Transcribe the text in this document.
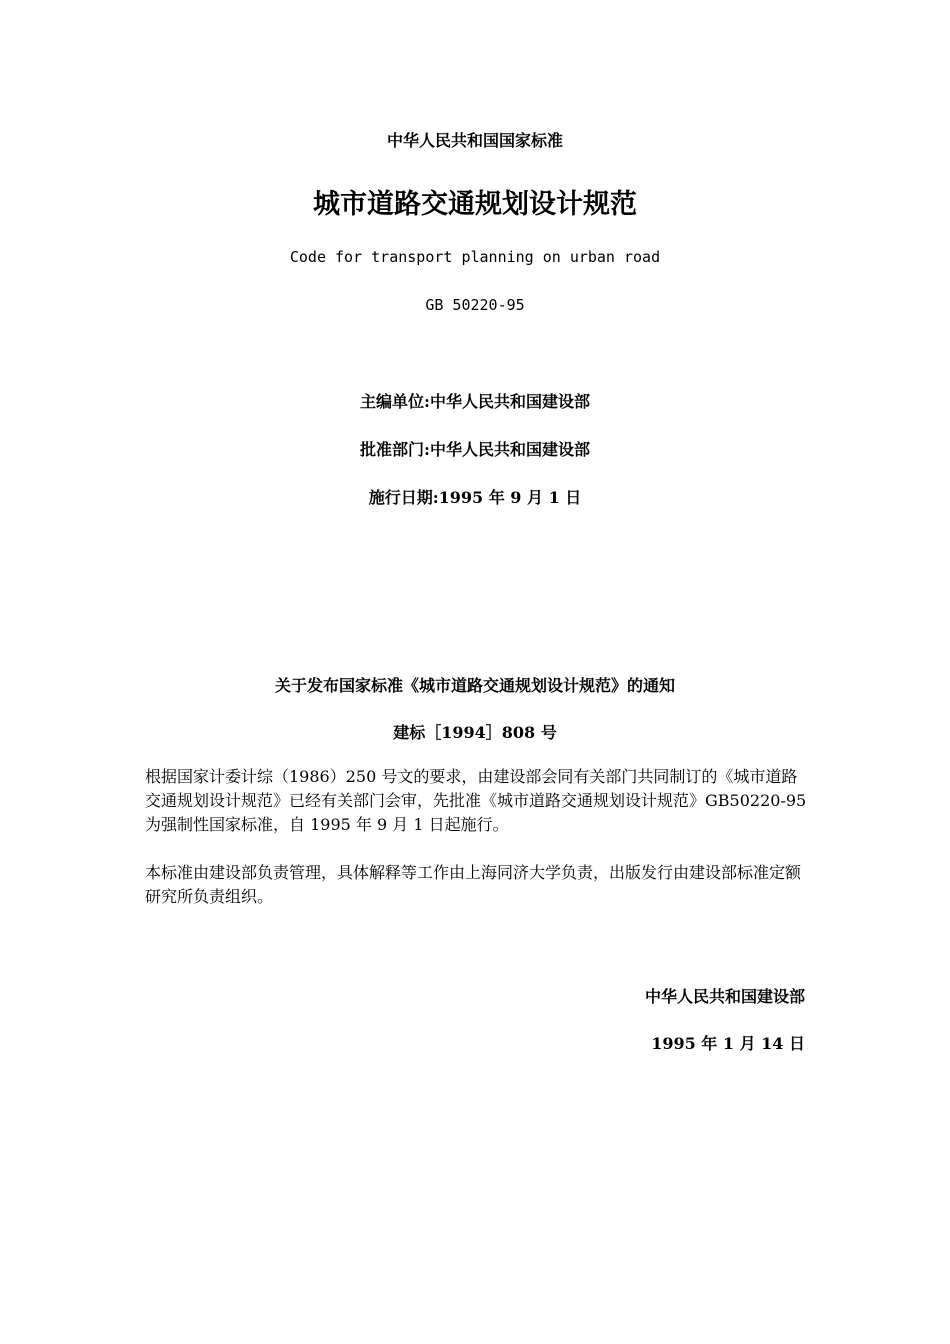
中华人民共和国国家标准
城市道路交通规划设计规范
Code for transport planning on urban road
GB 50220-95
主编单位:中华人民共和国建设部
批准部门:中华人民共和国建设部
施行日期:1995 年 9 月 1 日
关于发布国家标准《城市道路交通规划设计规范》的通知
建标［1994］808 号
根据国家计委计综（1986）250 号文的要求，由建设部会同有关部门共同制订的《城市道路交通规划设计规范》已经有关部门会审，先批准《城市道路交通规划设计规范》GB50220-95 为强制性国家标准，自 1995 年 9 月 1 日起施行。
本标准由建设部负责管理，具体解释等工作由上海同济大学负责，出版发行由建设部标准定额研究所负责组织。
中华人民共和国建设部
1995 年 1 月 14 日
